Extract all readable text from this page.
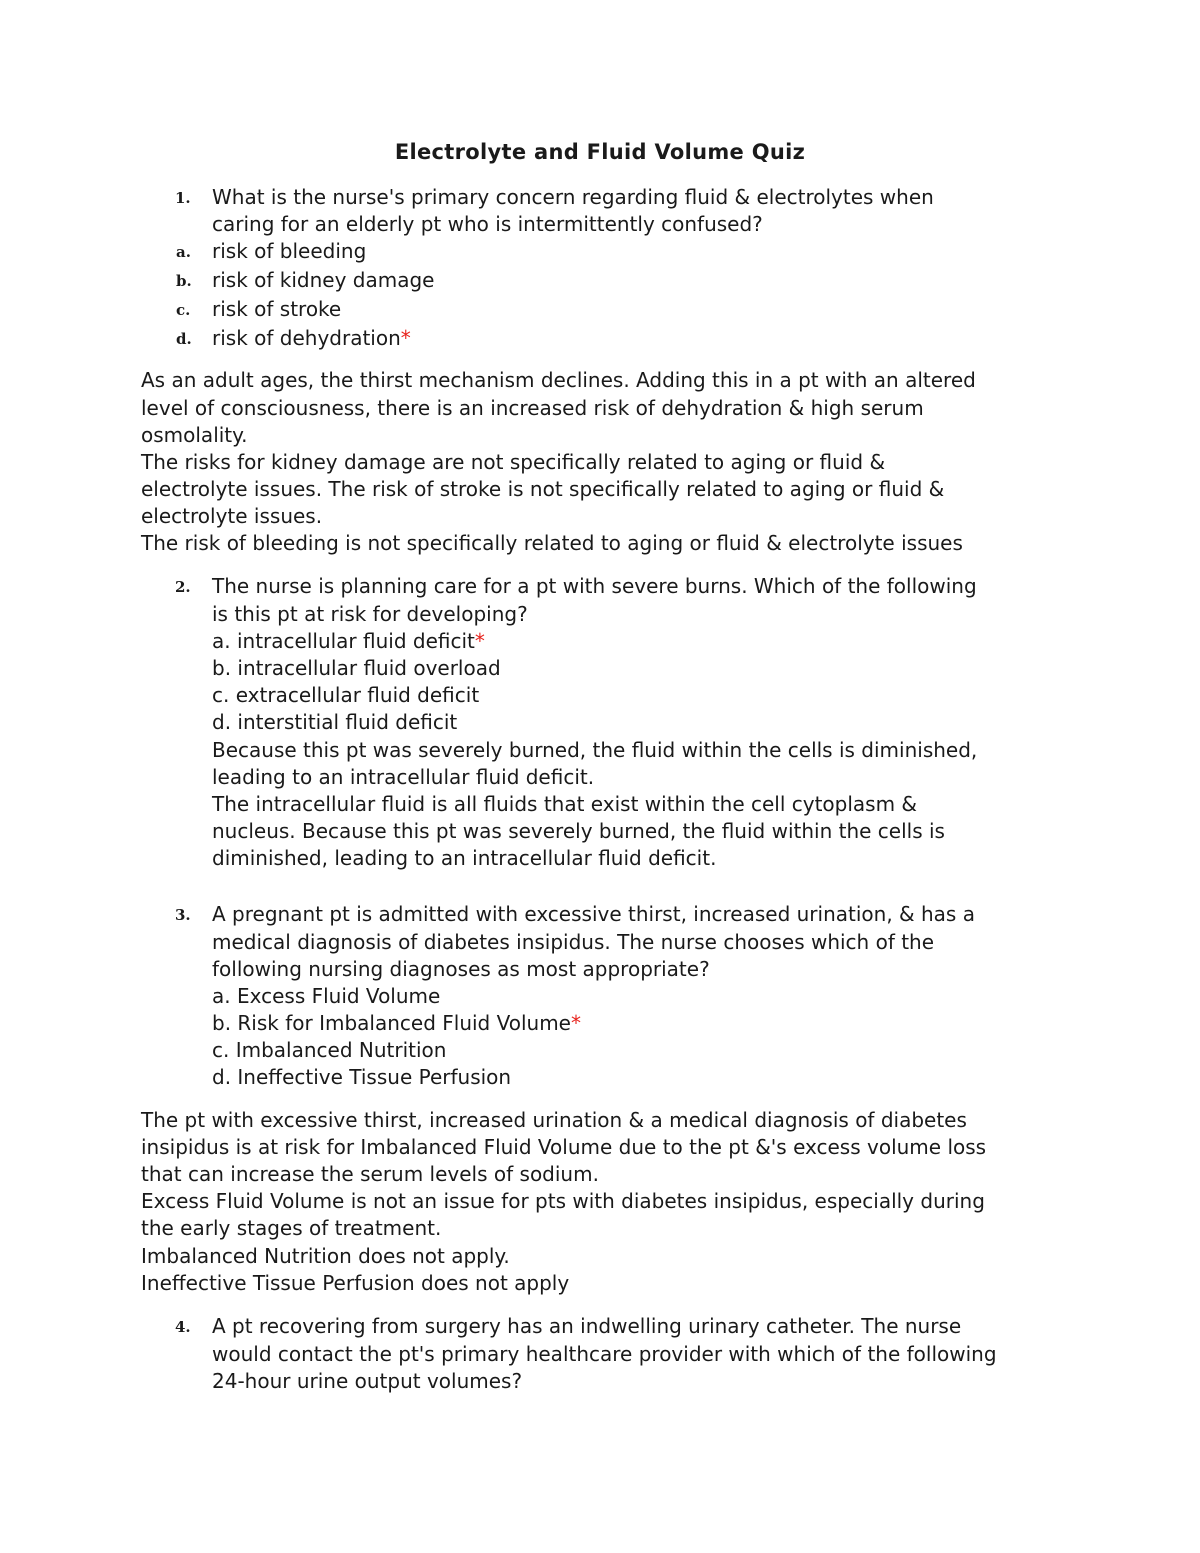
Electrolyte and Fluid Volume Quiz
1. What is the nurse's primary concern regarding fluid & electrolytes when
caring for an elderly pt who is intermittently confused?
a. risk of bleeding
b. risk of kidney damage
c. risk of stroke
d. risk of dehydration*
As an adult ages, the thirst mechanism declines. Adding this in a pt with an altered
level of consciousness, there is an increased risk of dehydration & high serum
osmolality.
The risks for kidney damage are not specifically related to aging or fluid &
electrolyte issues. The risk of stroke is not specifically related to aging or fluid &
electrolyte issues.
The risk of bleeding is not specifically related to aging or fluid & electrolyte issues
2. The nurse is planning care for a pt with severe burns. Which of the following
is this pt at risk for developing?
a. intracellular fluid deficit*
b. intracellular fluid overload
c. extracellular fluid deficit
d. interstitial fluid deficit
Because this pt was severely burned, the fluid within the cells is diminished,
leading to an intracellular fluid deficit.
The intracellular fluid is all fluids that exist within the cell cytoplasm &
nucleus. Because this pt was severely burned, the fluid within the cells is
diminished, leading to an intracellular fluid deficit.
3. A pregnant pt is admitted with excessive thirst, increased urination, & has a
medical diagnosis of diabetes insipidus. The nurse chooses which of the
following nursing diagnoses as most appropriate?
a. Excess Fluid Volume
b. Risk for Imbalanced Fluid Volume*
c. Imbalanced Nutrition
d. Ineffective Tissue Perfusion
The pt with excessive thirst, increased urination & a medical diagnosis of diabetes
insipidus is at risk for Imbalanced Fluid Volume due to the pt &'s excess volume loss
that can increase the serum levels of sodium.
Excess Fluid Volume is not an issue for pts with diabetes insipidus, especially during
the early stages of treatment.
Imbalanced Nutrition does not apply.
Ineffective Tissue Perfusion does not apply
4. A pt recovering from surgery has an indwelling urinary catheter. The nurse
would contact the pt's primary healthcare provider with which of the following
24-hour urine output volumes?
